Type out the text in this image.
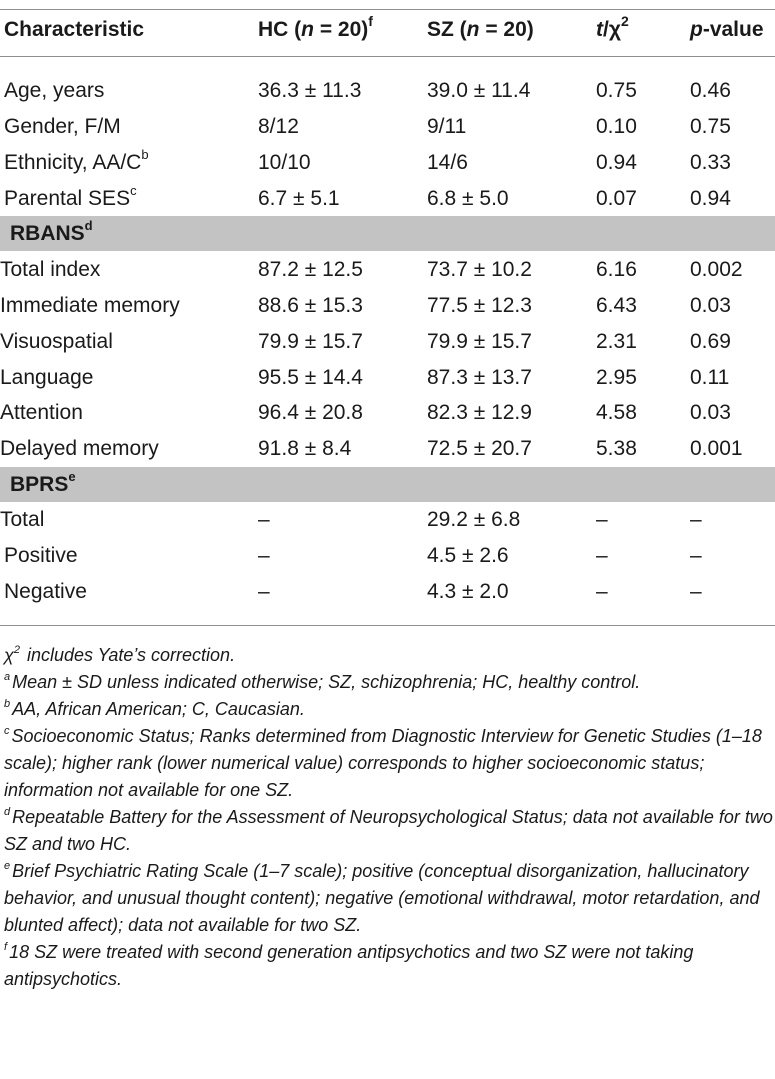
Characteristic	HC (n = 20)$^f$	SZ (n = 20)	$t/\chi^2$	p-value
Age, years	36.3 ± 11.3	39.0 ± 11.4	0.75	0.46
Gender, F/M	8/12	9/11	0.10	0.75
Ethnicity, $AA/C^b$	10/10	14/6	0.94	0.33
Parental SES$^c$	6.7 ± 5.1	6.8 ± 5.0	0.07	0.94
RBANS$^d$
Total index	87.2 ± 12.5	73.7 ± 10.2	6.16	0.002
Immediate memory	88.6 ± 15.3	77.5 ± 12.3	6.43	0.03
Visuospatial	79.9 ± 15.7	79.9 ± 15.7	2.31	0.69
Language	95.5 ± 14.4	87.3 ± 13.7	2.95	0.11
Attention	96.4 ± 20.8	82.3 ± 12.9	4.58	0.03
Delayed memory	91.8 ± 8.4	72.5 ± 20.7	5.38	0.001
BPRS$^e$
Total	–	29.2 ± 6.8	–	–
Positive	–	4.5 ± 2.6	–	–
Negative	–	4.3 ± 2.0	–	–
$\chi^2$ includes Yate’s correction.
$^a$ Mean ± SD unless indicated otherwise; SZ, schizophrenia; HC, healthy control.
$^b$ AA, African American; C, Caucasian.
$^c$ Socioeconomic Status; Ranks determined from Diagnostic Interview for Genetic Studies (1–18 scale); higher rank (lower numerical value) corresponds to higher socioeconomic status; information not available for one SZ.
$^d$ Repeatable Battery for the Assessment of Neuropsychological Status; data not available for two SZ and two HC.
$^e$ Brief Psychiatric Rating Scale (1–7 scale); positive (conceptual disorganization, hallucinatory behavior, and unusual thought content); negative (emotional withdrawal, motor retardation, and blunted affect); data not available for two SZ.
$^f$ 18 SZ were treated with second generation antipsychotics and two SZ were not taking antipsychotics.
